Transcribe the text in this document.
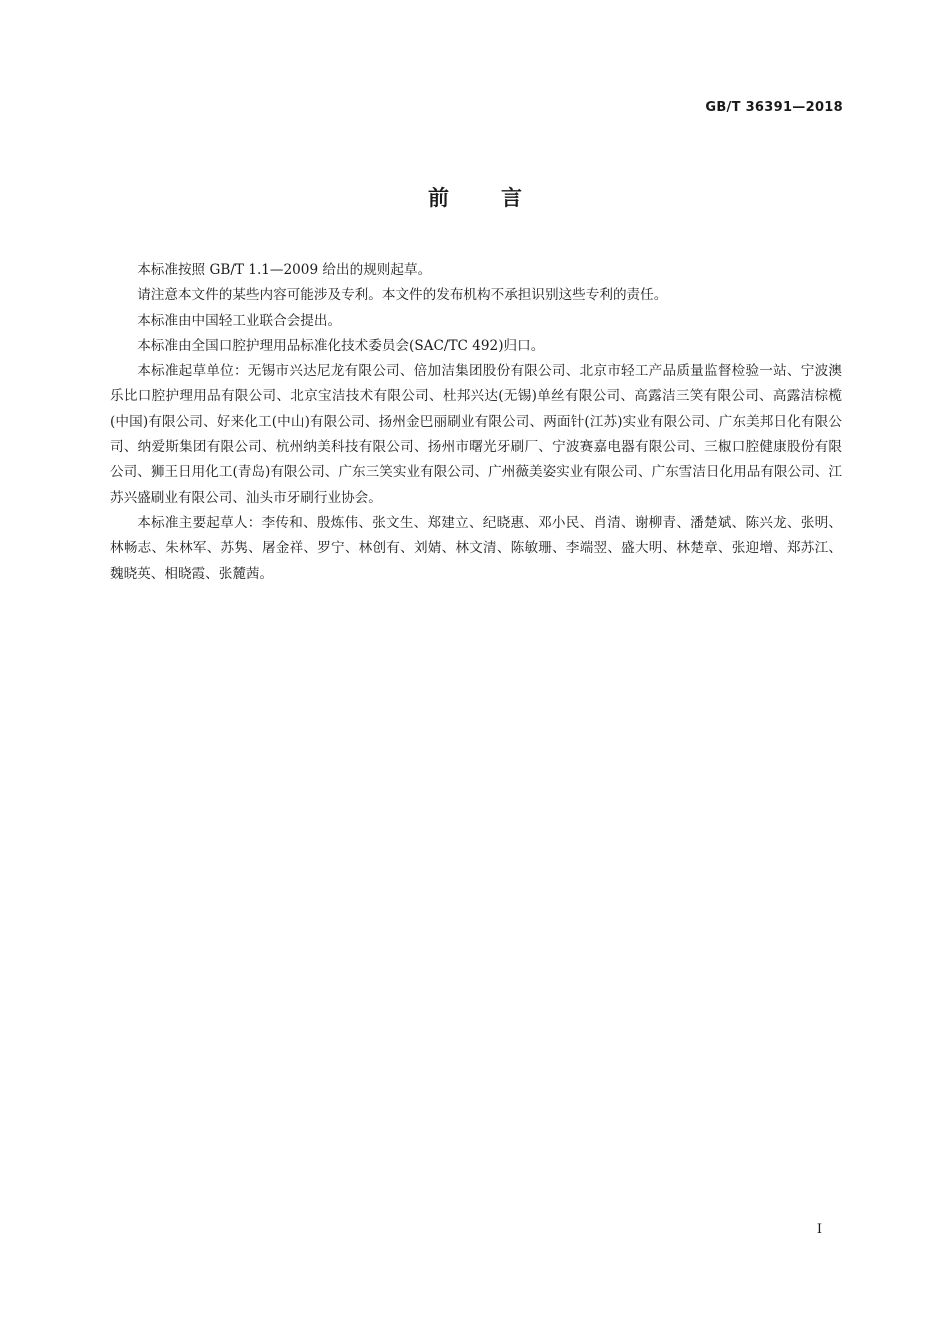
GB/T 36391—2018
前言

本标准按照 GB/T 1.1—2009 给出的规则起草。

请注意本文件的某些内容可能涉及专利。本文件的发布机构不承担识别这些专利的责任。

本标准由中国轻工业联合会提出。

本标准由全国口腔护理用品标准化技术委员会(SAC/TC 492)归口。

本标准起草单位：无锡市兴达尼龙有限公司、倍加洁集团股份有限公司、北京市轻工产品质量监督检验一站、宁波澳乐比口腔护理用品有限公司、北京宝洁技术有限公司、杜邦兴达(无锡)单丝有限公司、高露洁三笑有限公司、高露洁棕榄(中国)有限公司、好来化工(中山)有限公司、扬州金巴丽刷业有限公司、两面针(江苏)实业有限公司、广东美邦日化有限公司、纳爱斯集团有限公司、杭州纳美科技有限公司、扬州市曙光牙刷厂、宁波赛嘉电器有限公司、三椒口腔健康股份有限公司、狮王日用化工(青岛)有限公司、广东三笑实业有限公司、广州薇美姿实业有限公司、广东雪洁日化用品有限公司、江苏兴盛刷业有限公司、汕头市牙刷行业协会。

本标准主要起草人：李传和、殷炼伟、张文生、郑建立、纪晓惠、邓小民、肖清、谢柳青、潘楚斌、陈兴龙、张明、林畅志、朱林军、苏隽、屠金祥、罗宁、林创有、刘婧、林文清、陈敏珊、李端翌、盛大明、林楚章、张迎增、郑苏江、魏晓英、相晓霞、张麓茜。

I
